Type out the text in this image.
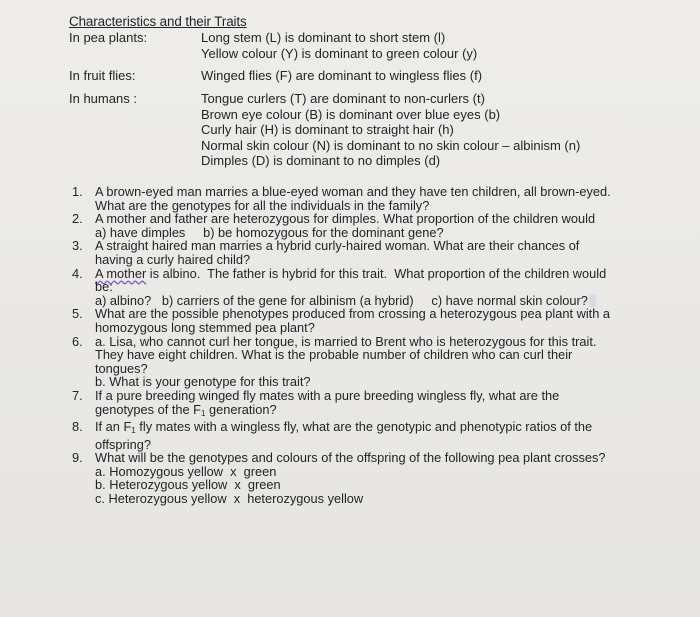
Characteristics and their Traits
In pea plants:	Long stem (L) is dominant to short stem (l)
Yellow colour (Y) is dominant to green colour (y)
In fruit flies:	Winged flies (F) are dominant to wingless flies (f)
In humans :	Tongue curlers (T) are dominant to non-curlers (t)
Brown eye colour (B) is dominant over blue eyes (b)
Curly hair (H) is dominant to straight hair (h)
Normal skin colour (N) is dominant to no skin colour – albinism (n)
Dimples (D) is dominant to no dimples (d)
1. A brown-eyed man marries a blue-eyed woman and they have ten children, all brown-eyed.
What are the genotypes for all the individuals in the family?
2. A mother and father are heterozygous for dimples. What proportion of the children would
a) have dimples     b) be homozygous for the dominant gene?
3. A straight haired man marries a hybrid curly-haired woman. What are their chances of
having a curly haired child?
4. A mother is albino.  The father is hybrid for this trait.  What proportion of the children would
be:
a) albino?   b) carriers of the gene for albinism (a hybrid)     c) have normal skin colour?
5. What are the possible phenotypes produced from crossing a heterozygous pea plant with a
homozygous long stemmed pea plant?
6. a. Lisa, who cannot curl her tongue, is married to Brent who is heterozygous for this trait.
They have eight children. What is the probable number of children who can curl their
tongues?
b. What is your genotype for this trait?
7. If a pure breeding winged fly mates with a pure breeding wingless fly, what are the
genotypes of the $F_1$ generation?
8. If an $F_1$ fly mates with a wingless fly, what are the genotypic and phenotypic ratios of the
offspring?
9. What will be the genotypes and colours of the offspring of the following pea plant crosses?
a. Homozygous yellow  x  green
b. Heterozygous yellow  x  green
c. Heterozygous yellow  x  heterozygous yellow
